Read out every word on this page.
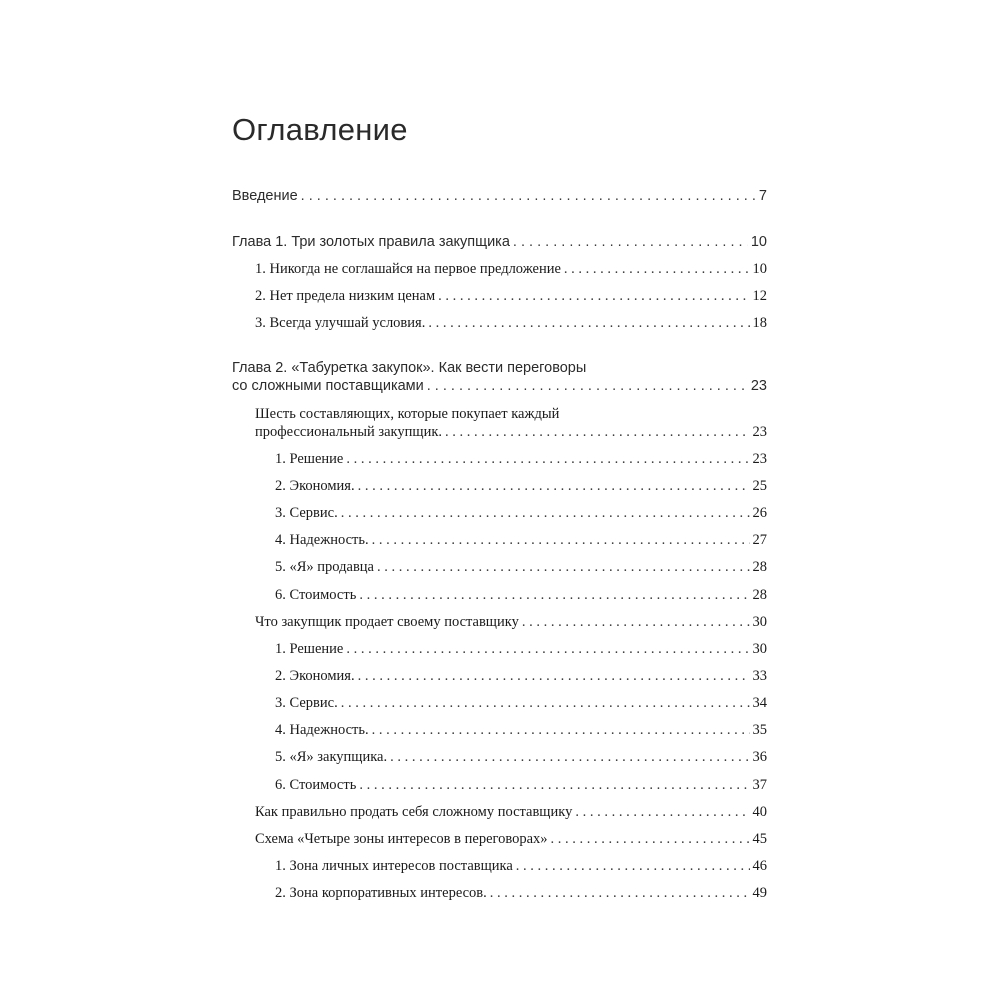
Оглавление
Введение . . .	7
Глава 1. Три золотых правила закупщика . . .	10
1. Никогда не соглашайся на первое предложение . . .	10
2. Нет предела низким ценам . . .	12
3. Всегда улучшай условия. . . .	18
Глава 2. «Табуретка закупок». Как вести переговоры
со сложными поставщиками . . .	23
Шесть составляющих, которые покупает каждый
профессиональный закупщик. . . .	23
1. Решение . . .	23
2. Экономия. . . .	25
3. Сервис. . . .	26
4. Надежность. . . .	27
5. «Я» продавца . . .	28
6. Стоимость . . .	28
Что закупщик продает своему поставщику . . .	30
1. Решение . . .	30
2. Экономия. . . .	33
3. Сервис. . . .	34
4. Надежность. . . .	35
5. «Я» закупщика. . . .	36
6. Стоимость . . .	37
Как правильно продать себя сложному поставщику . . .	40
Схема «Четыре зоны интересов в переговорах» . . .	45
1. Зона личных интересов поставщика . . .	46
2. Зона корпоративных интересов. . . .	49
